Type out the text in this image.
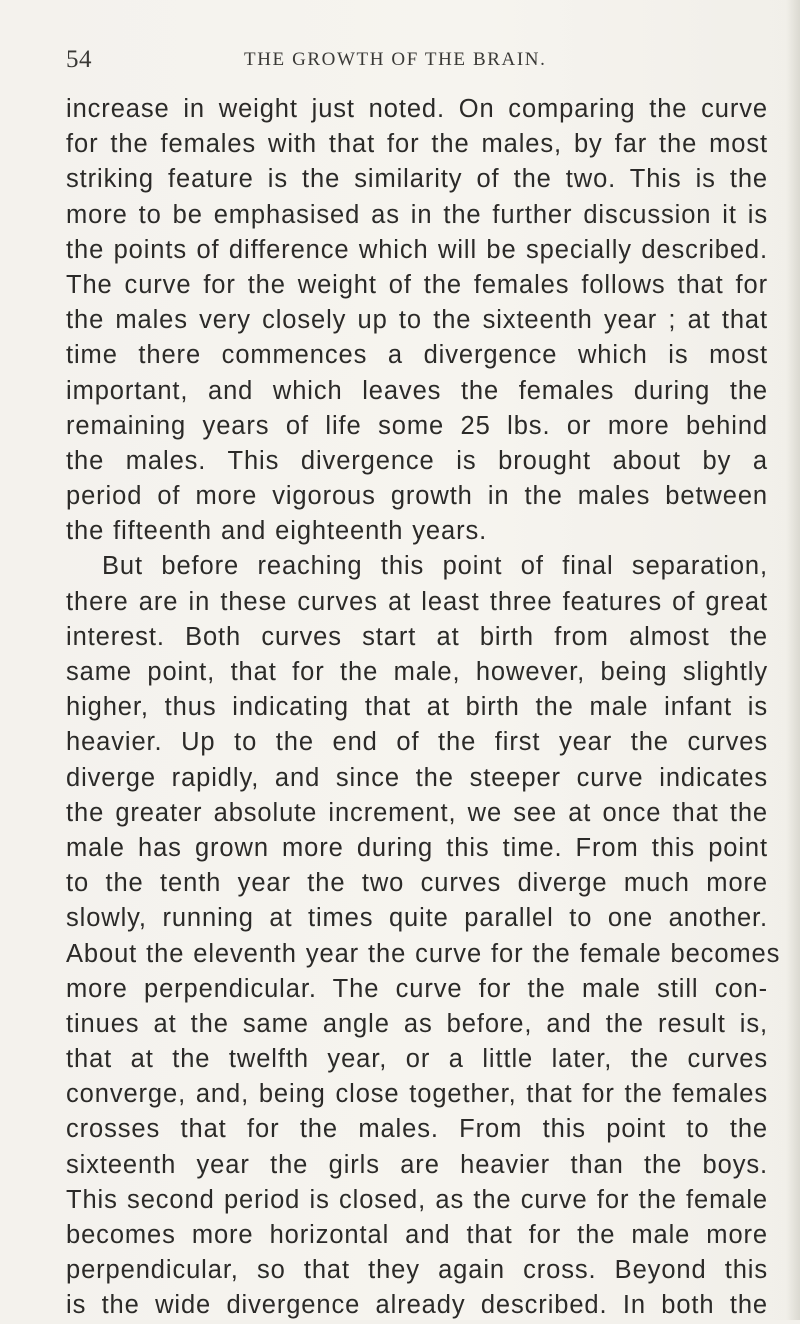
54	THE GROWTH OF THE BRAIN.
increase in weight just noted. On comparing the curve
for the females with that for the males, by far the most
striking feature is the similarity of the two. This is the
more to be emphasised as in the further discussion it is
the points of difference which will be specially described.
The curve for the weight of the females follows that for
the males very closely up to the sixteenth year ; at that
time there commences a divergence which is most
important, and which leaves the females during the
remaining years of life some 25 lbs. or more behind
the males. This divergence is brought about by a
period of more vigorous growth in the males between
the fifteenth and eighteenth years.
But before reaching this point of final separation,
there are in these curves at least three features of great
interest. Both curves start at birth from almost the
same point, that for the male, however, being slightly
higher, thus indicating that at birth the male infant is
heavier. Up to the end of the first year the curves
diverge rapidly, and since the steeper curve indicates
the greater absolute increment, we see at once that the
male has grown more during this time. From this point
to the tenth year the two curves diverge much more
slowly, running at times quite parallel to one another.
About the eleventh year the curve for the female becomes
more perpendicular. The curve for the male still con-
tinues at the same angle as before, and the result is,
that at the twelfth year, or a little later, the curves
converge, and, being close together, that for the females
crosses that for the males. From this point to the
sixteenth year the girls are heavier than the boys.
This second period is closed, as the curve for the female
becomes more horizontal and that for the male more
perpendicular, so that they again cross. Beyond this
is the wide divergence already described. In both the
